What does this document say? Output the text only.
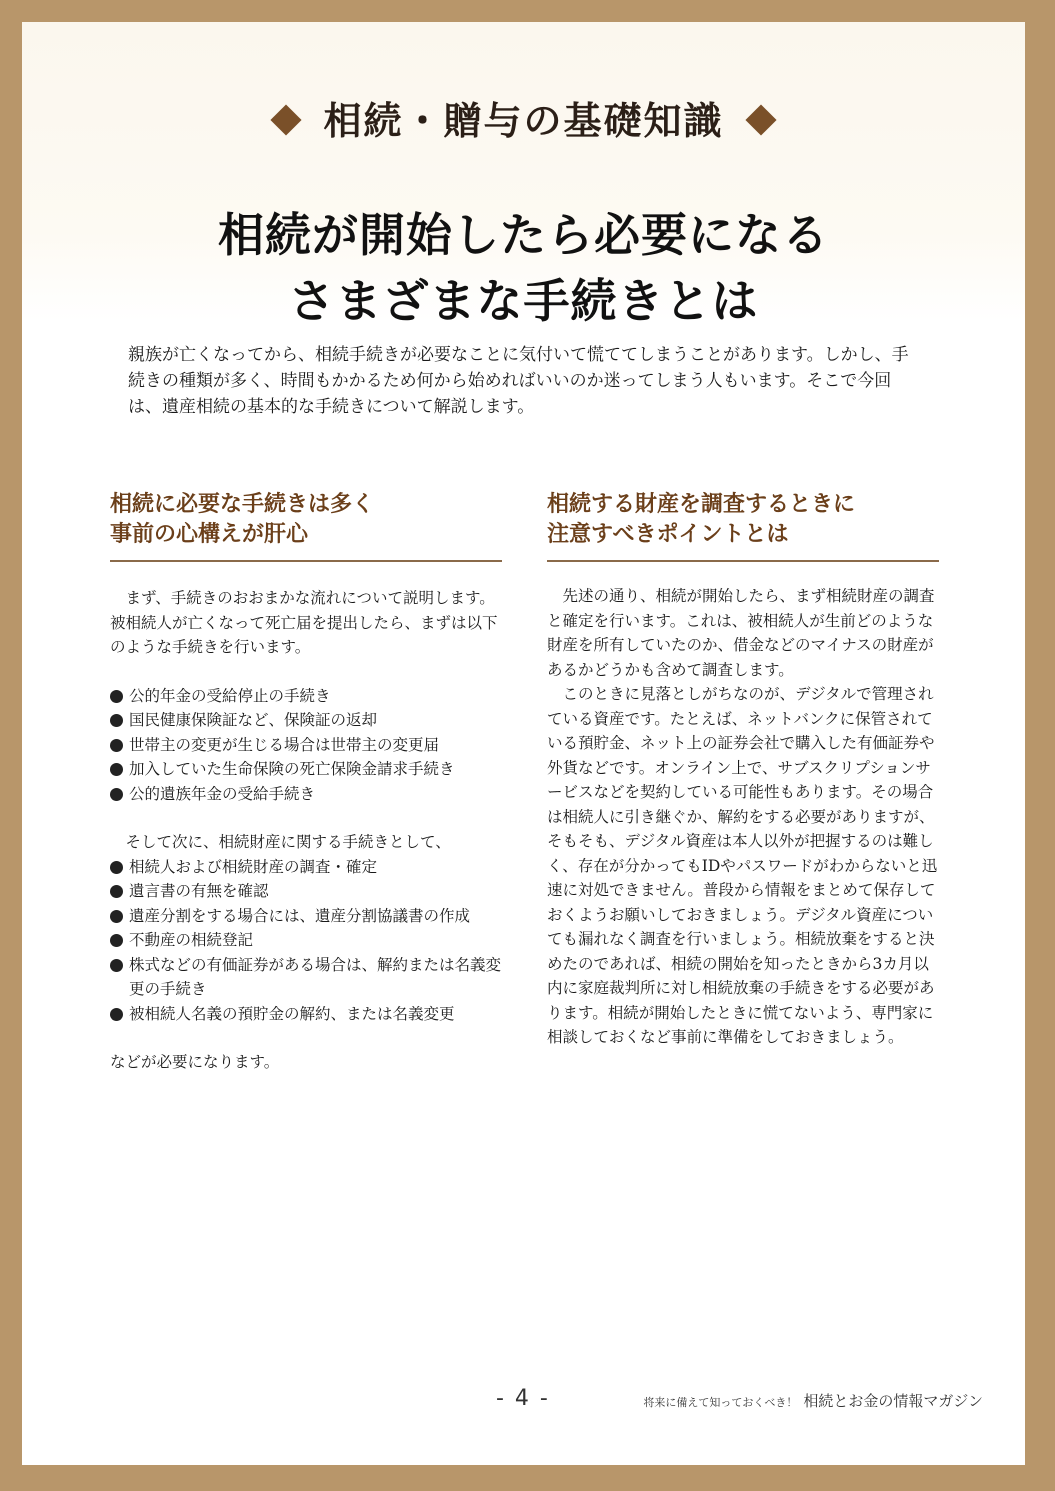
相続・贈与の基礎知識
相続が開始したら必要になる
さまざまな手続きとは
親族が亡くなってから、相続手続きが必要なことに気付いて慌ててしまうことがあります。しかし、手続きの種類が多く、時間もかかるため何から始めればいいのか迷ってしまう人もいます。そこで今回は、遺産相続の基本的な手続きについて解説します。
相続に必要な手続きは多く
事前の心構えが肝心

まず、手続きのおおまかな流れについて説明します。被相続人が亡くなって死亡届を提出したら、まずは以下のような手続きを行います。

公的年金の受給停止の手続き
国民健康保険証など、保険証の返却
世帯主の変更が生じる場合は世帯主の変更届
加入していた生命保険の死亡保険金請求手続き
公的遺族年金の受給手続き

そして次に、相続財産に関する手続きとして、

相続人および相続財産の調査・確定
遺言書の有無を確認
遺産分割をする場合には、遺産分割協議書の作成
不動産の相続登記
株式などの有価証券がある場合は、解約または名義変更の手続き
被相続人名義の預貯金の解約、または名義変更

などが必要になります。

相続する財産を調査するときに
注意すべきポイントとは

先述の通り、相続が開始したら、まず相続財産の調査と確定を行います。これは、被相続人が生前どのような財産を所有していたのか、借金などのマイナスの財産があるかどうかも含めて調査します。

このときに見落としがちなのが、デジタルで管理されている資産です。たとえば、ネットバンクに保管されている預貯金、ネット上の証券会社で購入した有価証券や外貨などです。オンライン上で、サブスクリプションサービスなどを契約している可能性もあります。その場合は相続人に引き継ぐか、解約をする必要がありますが、そもそも、デジタル資産は本人以外が把握するのは難しく、存在が分かってもIDやパスワードがわからないと迅速に対処できません。普段から情報をまとめて保存しておくようお願いしておきましょう。デジタル資産についても漏れなく調査を行いましょう。相続放棄をすると決めたのであれば、相続の開始を知ったときから3カ月以内に家庭裁判所に対し相続放棄の手続きをする必要があります。相続が開始したときに慌てないよう、専門家に相談しておくなど事前に準備をしておきましょう。

- 4 -	将来に備えて知っておくべき！ 相続とお金の情報マガジン
